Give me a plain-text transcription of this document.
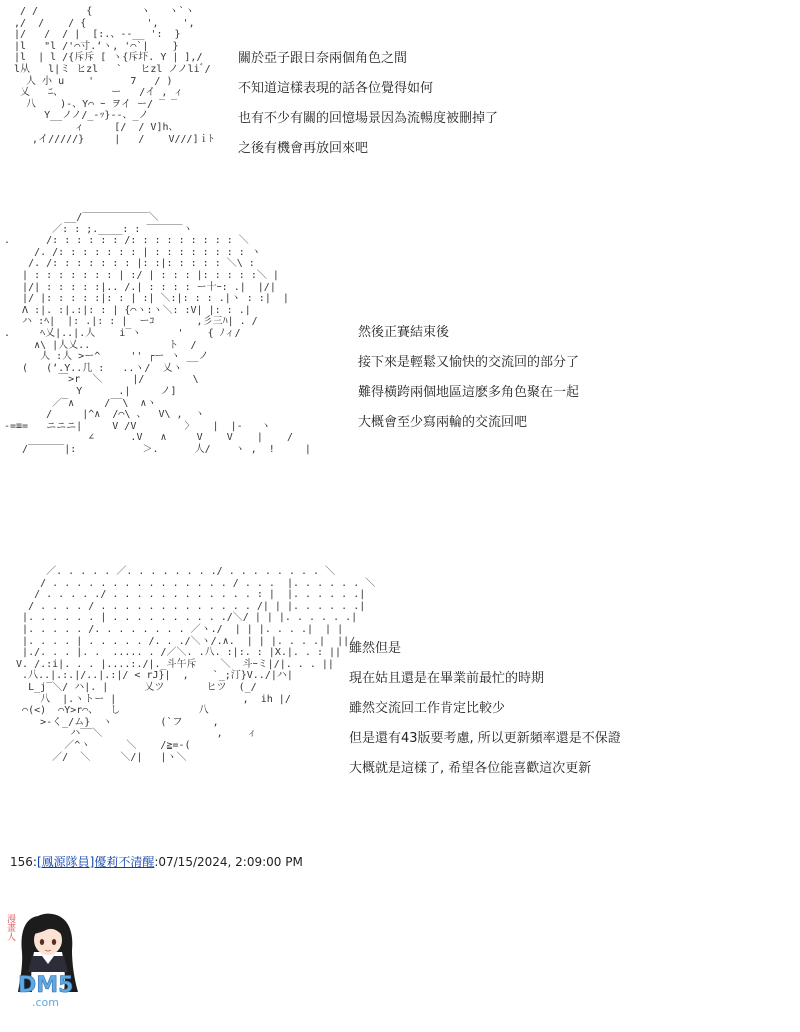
/ /        {        ヽ   ヽ`ヽ
,/  /    / {          ',    ',
|/   /  / |  [:.、--__ ':  }
|l   "l /'⌒寸.‘ヽ, '⌒`|    }
|l  | l /{斥斥 [ ヽ{斥圷. Y | ],/
l从   l|ミ ヒzl   `   ヒzl ノノliﾞ/
人 小 u    '      7   / )
乂   ﾆ、        ー   /イ , ィ
八    )-、Y⌒ ｰ ヲイ ー/ ‾ ‾
Y__ノノ/_-ｯ}--、_ノ
ィ     [/  / V]h、
,イ/////}     |   /    V///]ｉﾄ
關於亞子跟日奈兩個角色之間
不知道這樣表現的話各位覺得如何
也有不少有關的回憶場景因為流暢度被刪掉了
之後有機會再放回來吧
__/‾‾‾‾‾‾‾‾‾‾‾＼
／: : ;.____: : ‾‾‾‾‾‾ヽ
.      /: : : : : : /: : : : : : : : : ＼
/. /: : : : : : : | : : : : : : : : ヽ
/. /: : : : : : : |: :|: : : : : ＼\ :
| : : : : : : : | :/ | : : : |: : : : :＼ |
|/| : : : : :|.. /.| : : : : ー十ｰ: .|  |/|
|/ |: : : : :|: : | :| ＼:|: : : .|ヽ : :|  |
Λ :|. :|.:|: : | {⌒ヽ:ヽ＼: :V| |: : .|
ハ :ﾍ|  |: .|: : |  ーｺ       ,彡三ﾊ| . /
.     ﾍ乂|..|.人    i‾ヽ      '    { ﾉィ/
∧\ |人乂..             ト  /
人 :人 >ー^     '' ┌ー ヽ __ノ
(   (‘.Y..几 :   ..ヽ/  乂ヽ
￣>r  ＼     |/        \
Y      .|     ノ]
／‾∧     /‾‾\  ∧ヽ
/     |^∧  /⌒\ 、  V\ ,  ヽ
-=≡=   ニニニ|     V /V        〉   |  |-   ヽ
∠      .V   ∧     V    V    |    /
/‾‾‾‾‾‾|:           ＞.      人/    ヽ ,  !     |
然後正賽結束後
接下來是輕鬆又愉快的交流回的部分了
難得橫跨兩個地區這麽多角色聚在一起
大概會至少寫兩輪的交流回吧
／. . . . . ／. . . . . . . ./ . . . . . . . . ＼
/ . . . . . . . . . . . . . . . / . . .  |. . . . . . ＼
/ . . . . ./ . . . . . . . . . . . . : |  |. . . . . .|
/ . . . . / . . . . . . . . . . . . . /| | |. . . . . .|
|. . . . . . | . . . . . . . . . ./＼/ | | |. . . . . .|
|. . . . . /. . . . . . . . ／ヽ./  | | |. . . .|  | |
|. . . . | . . . . . /. . ./＼ヽ/.∧.  | | |. . . .|  ||/
|./. . . |. .  ..... . /／＼. .八. :|:. : |X.|. . : ||
V. /.:i|. . . |....:./|._斗午斥    ＼  斗ｰミ|/|. . . ||
.八..|.:.|/..|.:|/ < rJ}|  ,    `_;汀}V../|ハ|
L_j‾＼/ ハ|. |      乂ツ       ヒツ  (_/
八  |.ヽトー |                     ,  ih |/
⌒(<)  ⌒Y>r⌒、  し             八
>-く_/ム}  ヽ        (`フ     ,
ハ‾‾＼                   ,    ィ
／^ヽ      ＼    /≧=‐(
／/  ＼     ＼/|   |ヽ＼
雖然但是
現在姑且還是在畢業前最忙的時期
雖然交流回工作肯定比較少
但是還有43版要考慮, 所以更新頻率還是不保證
大概就是這樣了, 希望各位能喜歡這次更新
156:[鳳源隊員]優莉不清醒:07/15/2024, 2:09:00 PM
DM5
.com
漫畫人
